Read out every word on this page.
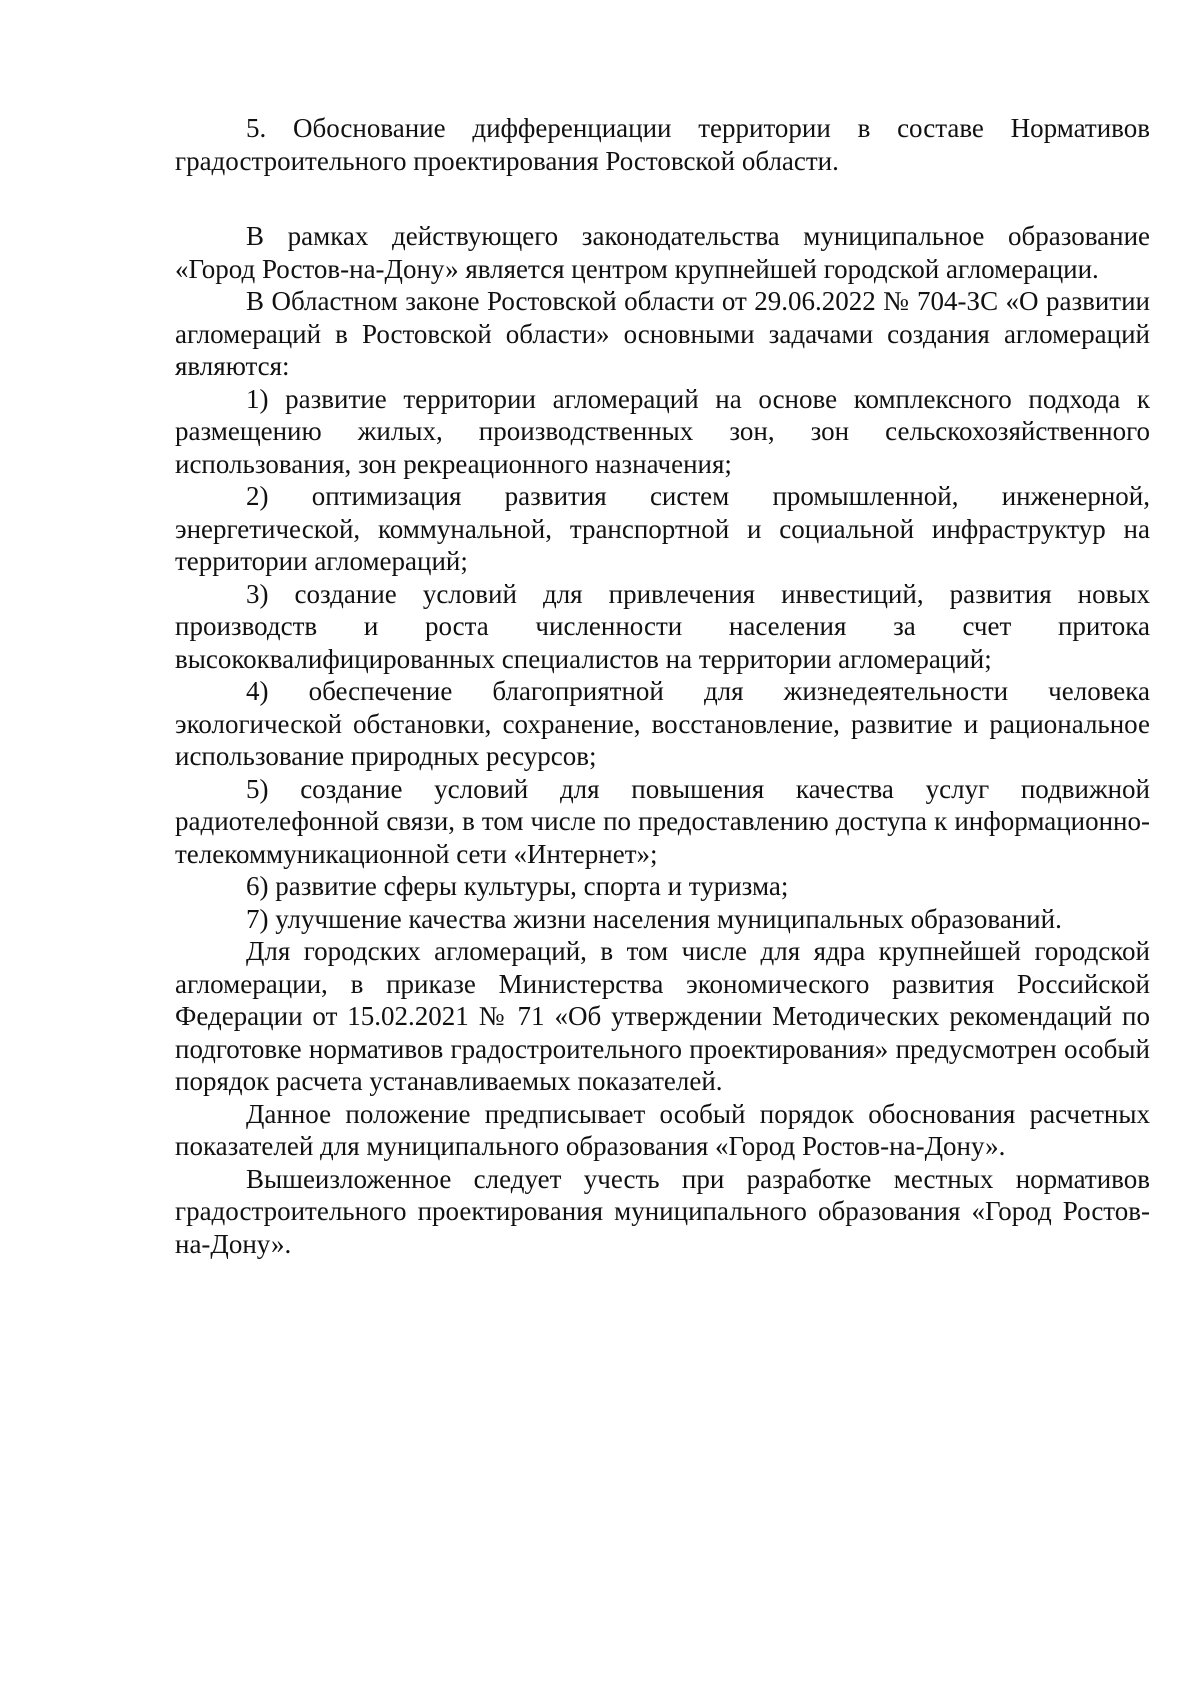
5. Обоснование дифференциации территории в составе Нормативов градостроительного проектирования Ростовской области.

В рамках действующего законодательства муниципальное образование «Город Ростов-на-Дону» является центром крупнейшей городской агломерации.

В Областном законе Ростовской области от 29.06.2022 № 704-ЗС «О развитии агломераций в Ростовской области» основными задачами создания агломераций являются:

1) развитие территории агломераций на основе комплексного подхода к размещению жилых, производственных зон, зон сельскохозяйственного использования, зон рекреационного назначения;

2) оптимизация развития систем промышленной, инженерной, энергетической, коммунальной, транспортной и социальной инфраструктур на территории агломераций;

3) создание условий для привлечения инвестиций, развития новых производств и роста численности населения за счет притока высококвалифицированных специалистов на территории агломераций;

4) обеспечение благоприятной для жизнедеятельности человека экологической обстановки, сохранение, восстановление, развитие и рациональное использование природных ресурсов;

5) создание условий для повышения качества услуг подвижной радиотелефонной связи, в том числе по предоставлению доступа к информационно-телекоммуникационной сети «Интернет»;

6) развитие сферы культуры, спорта и туризма;

7) улучшение качества жизни населения муниципальных образований.

Для городских агломераций, в том числе для ядра крупнейшей городской агломерации, в приказе Министерства экономического развития Российской Федерации от 15.02.2021 № 71 «Об утверждении Методических рекомендаций по подготовке нормативов градостроительного проектирования» предусмотрен особый порядок расчета устанавливаемых показателей.

Данное положение предписывает особый порядок обоснования расчетных показателей для муниципального образования «Город Ростов-на-Дону».

Вышеизложенное следует учесть при разработке местных нормативов градостроительного проектирования муниципального образования «Город Ростов-на-Дону».
